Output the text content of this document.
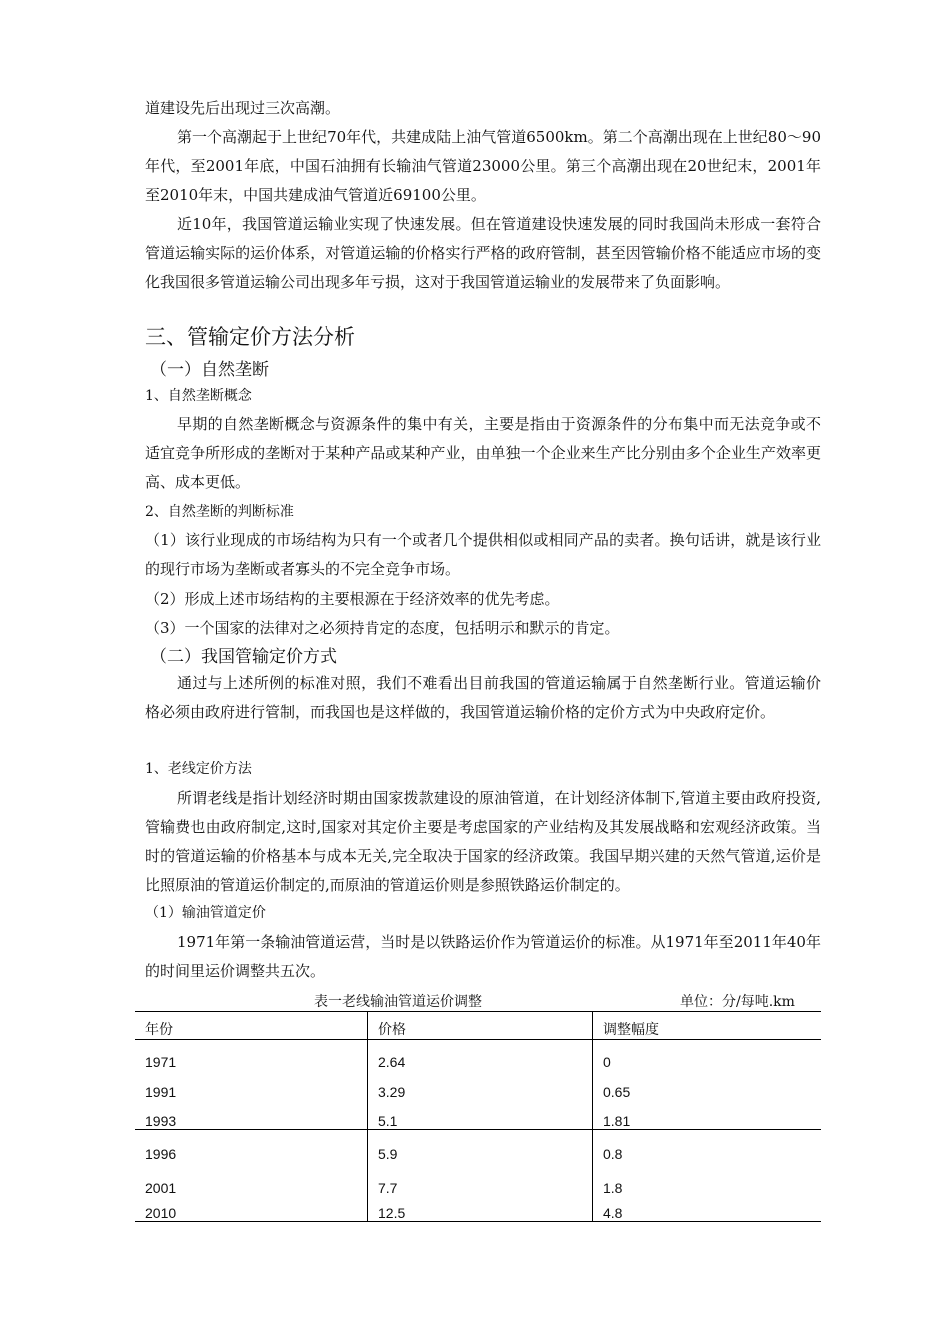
道建设先后出现过三次高潮。

第一个高潮起于上世纪70年代，共建成陆上油气管道6500km。第二个高潮出现在上世纪80～90年代，至2001年底，中国石油拥有长输油气管道23000公里。第三个高潮出现在20世纪末，2001年至2010年末，中国共建成油气管道近69100公里。

近10年，我国管道运输业实现了快速发展。但在管道建设快速发展的同时我国尚未形成一套符合管道运输实际的运价体系，对管道运输的价格实行严格的政府管制，甚至因管输价格不能适应市场的变化我国很多管道运输公司出现多年亏损，这对于我国管道运输业的发展带来了负面影响。

三、管输定价方法分析
（一）自然垄断

1、自然垄断概念

早期的自然垄断概念与资源条件的集中有关，主要是指由于资源条件的分布集中而无法竞争或不适宜竞争所形成的垄断对于某种产品或某种产业，由单独一个企业来生产比分别由多个企业生产效率更高、成本更低。

2、自然垄断的判断标准

（1）该行业现成的市场结构为只有一个或者几个提供相似或相同产品的卖者。换句话讲，就是该行业的现行市场为垄断或者寡头的不完全竞争市场。

（2）形成上述市场结构的主要根源在于经济效率的优先考虑。

（3）一个国家的法律对之必须持肯定的态度，包括明示和默示的肯定。

（二）我国管输定价方式

通过与上述所例的标准对照，我们不难看出目前我国的管道运输属于自然垄断行业。管道运输价格必须由政府进行管制，而我国也是这样做的，我国管道运输价格的定价方式为中央政府定价。

1、老线定价方法

所谓老线是指计划经济时期由国家拨款建设的原油管道，在计划经济体制下,管道主要由政府投资,管输费也由政府制定,这时,国家对其定价主要是考虑国家的产业结构及其发展战略和宏观经济政策。当时的管道运输的价格基本与成本无关,完全取决于国家的经济政策。我国早期兴建的天然气管道,运价是比照原油的管道运价制定的,而原油的管道运价则是参照铁路运价制定的。

（1）输油管道定价

1971年第一条输油管道运营，当时是以铁路运价作为管道运价的标准。从1971年至2011年40年的时间里运价调整共五次。

表一老线输油管道运价调整	单位：分/每吨.km

年份	价格	调整幅度
1971	2.64	0
1991	3.29	0.65
1993	5.1	1.81
1996	5.9	0.8
2001	7.7	1.8
2010	12.5	4.8
